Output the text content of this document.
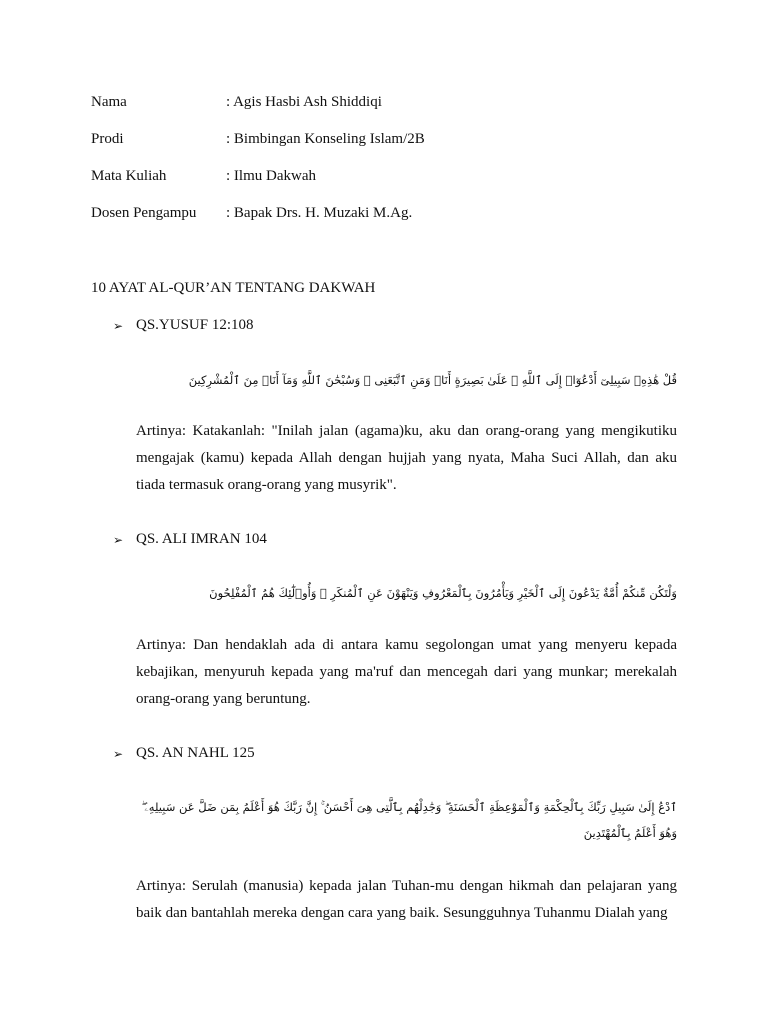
Nama	: Agis Hasbi Ash Shiddiqi
Prodi	: Bimbingan Konseling Islam/2B
Mata Kuliah	: Ilmu Dakwah
Dosen Pengampu : Bapak Drs. H. Muzaki M.Ag.
10 AYAT AL-QUR’AN TENTANG DAKWAH
➢ QS.YUSUF 12:108
قُلْ هَٰذِهِۦ سَبِيلِىٓ أَدْعُوٓا۟ إِلَى ٱللَّهِ ۚ عَلَىٰ بَصِيرَةٍ أَنَا۠ وَمَنِ ٱتَّبَعَنِى ۖ وَسُبْحَٰنَ ٱللَّهِ وَمَآ أَنَا۠ مِنَ ٱلْمُشْرِكِينَ
Artinya: Katakanlah: "Inilah jalan (agama)ku, aku dan orang-orang yang mengikutiku mengajak (kamu) kepada Allah dengan hujjah yang nyata, Maha Suci Allah, dan aku tiada termasuk orang-orang yang musyrik".
➢ QS. ALI IMRAN 104
وَلْتَكُن مِّنكُمْ أُمَّةٌ يَدْعُونَ إِلَى ٱلْخَيْرِ وَيَأْمُرُونَ بِٱلْمَعْرُوفِ وَيَنْهَوْنَ عَنِ ٱلْمُنكَرِ ۚ وَأُو۟لَٰٓئِكَ هُمُ ٱلْمُفْلِحُونَ
Artinya: Dan hendaklah ada di antara kamu segolongan umat yang menyeru kepada kebajikan, menyuruh kepada yang ma'ruf dan mencegah dari yang munkar; merekalah orang-orang yang beruntung.
➢ QS. AN NAHL 125
ٱدْعُ إِلَىٰ سَبِيلِ رَبِّكَ بِٱلْحِكْمَةِ وَٱلْمَوْعِظَةِ ٱلْحَسَنَةِ ۖ وَجَٰدِلْهُم بِٱلَّتِى هِىَ أَحْسَنُ ۚ إِنَّ رَبَّكَ هُوَ أَعْلَمُ بِمَن ضَلَّ عَن سَبِيلِهِۦ ۖ وَهُوَ أَعْلَمُ بِٱلْمُهْتَدِينَ
Artinya: Serulah (manusia) kepada jalan Tuhan-mu dengan hikmah dan pelajaran yang baik dan bantahlah mereka dengan cara yang baik. Sesungguhnya Tuhanmu Dialah yang
